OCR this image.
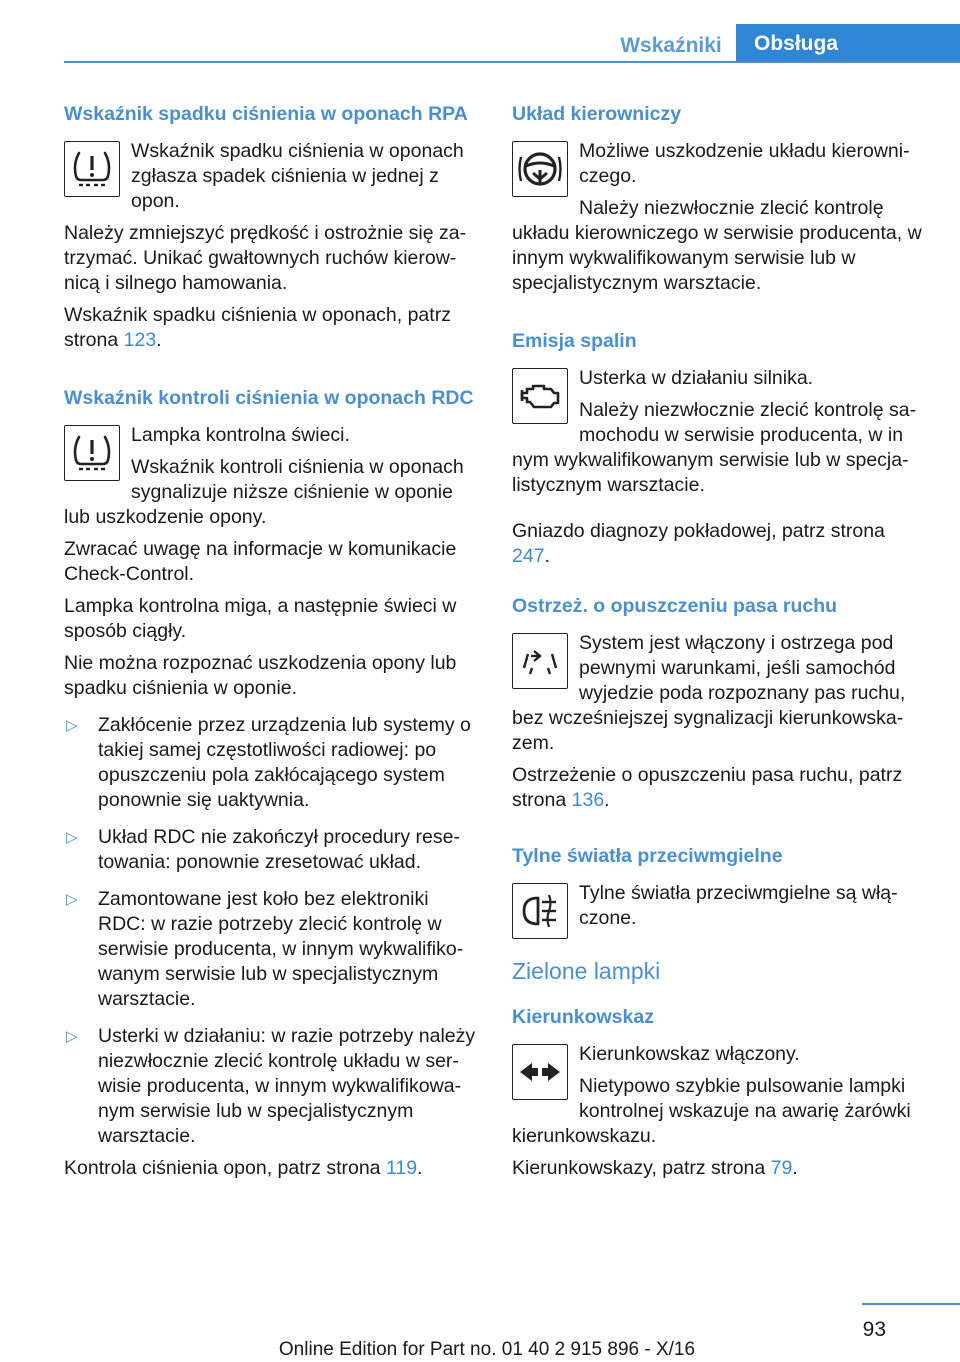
Wskaźniki	Obsługa
Wskaźnik spadku ciśnienia w oponach RPA

Wskaźnik spadku ciśnienia w oponach zgłasza spadek ciśnienia w jednej z opon.

Należy zmniejszyć prędkość i ostrożnie się zatrzymać. Unikać gwałtownych ruchów kierownicą i silnego hamowania.

Wskaźnik spadku ciśnienia w oponach, patrz strona 123.

Wskaźnik kontroli ciśnienia w oponach RDC

Lampka kontrolna świeci.

Wskaźnik kontroli ciśnienia w oponach sygnalizuje niższe ciśnienie w oponie

lub uszkodzenie opony.

Zwracać uwagę na informacje w komunikacie Check-Control.

Lampka kontrolna miga, a następnie świeci w sposób ciągły.

Nie można rozpoznać uszkodzenia opony lub spadku ciśnienia w oponie.

▷ Zakłócenie przez urządzenia lub systemy o takiej samej częstotliwości radiowej: po opuszczeniu pola zakłócającego system ponownie się uaktywnia.
▷ Układ RDC nie zakończył procedury resetowania: ponownie zresetować układ.
▷ Zamontowane jest koło bez elektroniki RDC: w razie potrzeby zlecić kontrolę w serwisie producenta, w innym wykwalifikowanym serwisie lub w specjalistycznym warsztacie.
▷ Usterki w działaniu: w razie potrzeby należy niezwłocznie zlecić kontrolę układu w serwisie producenta, w innym wykwalifikowanym serwisie lub w specjalistycznym warsztacie.

Kontrola ciśnienia opon, patrz strona 119.

Układ kierowniczy

Możliwe uszkodzenie układu kierowniczego.

Należy niezwłocznie zlecić kontrolę

układu kierowniczego w serwisie producenta, w innym wykwalifikowanym serwisie lub w specjalistycznym warsztacie.

Emisja spalin

Usterka w działaniu silnika.

Należy niezwłocznie zlecić kontrolę samochodu w serwisie producenta, w in

nym wykwalifikowanym serwisie lub w specjalistycznym warsztacie.

Gniazdo diagnozy pokładowej, patrz strona 247.

Ostrzeż. o opuszczeniu pasa ruchu

System jest włączony i ostrzega pod pewnymi warunkami, jeśli samochód wyjedzie poda rozpoznany pas ruchu,

bez wcześniejszej sygnalizacji kierunkowskazem.

Ostrzeżenie o opuszczeniu pasa ruchu, patrz strona 136.

Tylne światła przeciwmgielne

Tylne światła przeciwmgielne są włączone.

Zielone lampki
Kierunkowskaz

Kierunkowskaz włączony.

Nietypowo szybkie pulsowanie lampki kontrolnej wskazuje na awarię żarówki

kierunkowskazu.

Kierunkowskazy, patrz strona 79.

93
Online Edition for Part no. 01 40 2 915 896 - X/16
